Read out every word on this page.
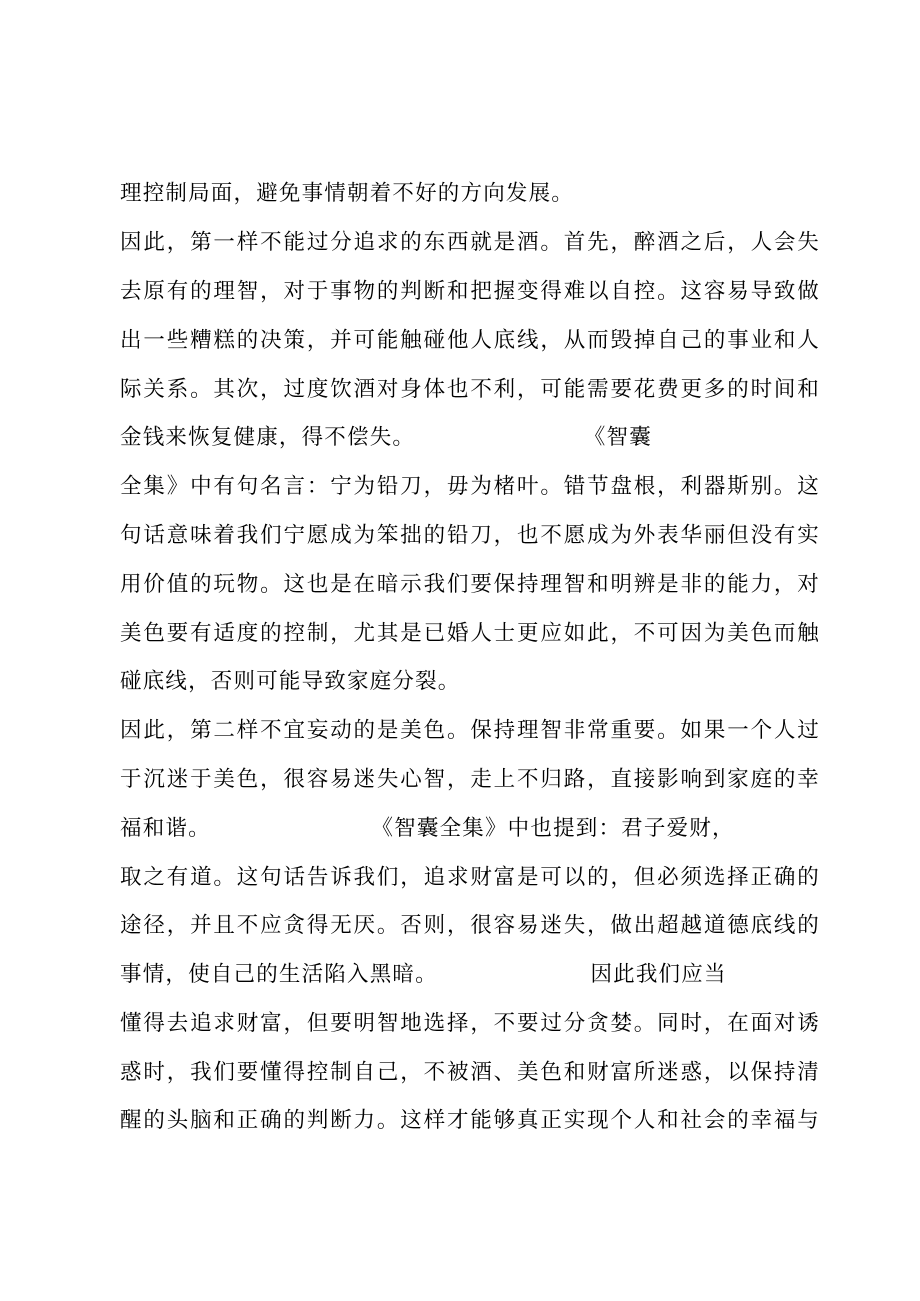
理控制局面，避免事情朝着不好的方向发展。
因此，第一样不能过分追求的东西就是酒。首先，醉酒之后，人会失
去原有的理智，对于事物的判断和把握变得难以自控。这容易导致做
出一些糟糕的决策，并可能触碰他人底线，从而毁掉自己的事业和人
际关系。其次，过度饮酒对身体也不利，可能需要花费更多的时间和
金钱来恢复健康，得不偿失。                     《智囊
全集》中有句名言：宁为铅刀，毋为楮叶。错节盘根，利器斯别。这
句话意味着我们宁愿成为笨拙的铅刀，也不愿成为外表华丽但没有实
用价值的玩物。这也是在暗示我们要保持理智和明辨是非的能力，对
美色要有适度的控制，尤其是已婚人士更应如此，不可因为美色而触
碰底线，否则可能导致家庭分裂。
因此，第二样不宜妄动的是美色。保持理智非常重要。如果一个人过
于沉迷于美色，很容易迷失心智，走上不归路，直接影响到家庭的幸
福和谐。                    《智囊全集》中也提到：君子爱财，
取之有道。这句话告诉我们，追求财富是可以的，但必须选择正确的
途径，并且不应贪得无厌。否则，很容易迷失，做出超越道德底线的
事情，使自己的生活陷入黑暗。                   因此我们应当
懂得去追求财富，但要明智地选择，不要过分贪婪。同时，在面对诱
惑时，我们要懂得控制自己，不被酒、美色和财富所迷惑，以保持清
醒的头脑和正确的判断力。这样才能够真正实现个人和社会的幸福与
